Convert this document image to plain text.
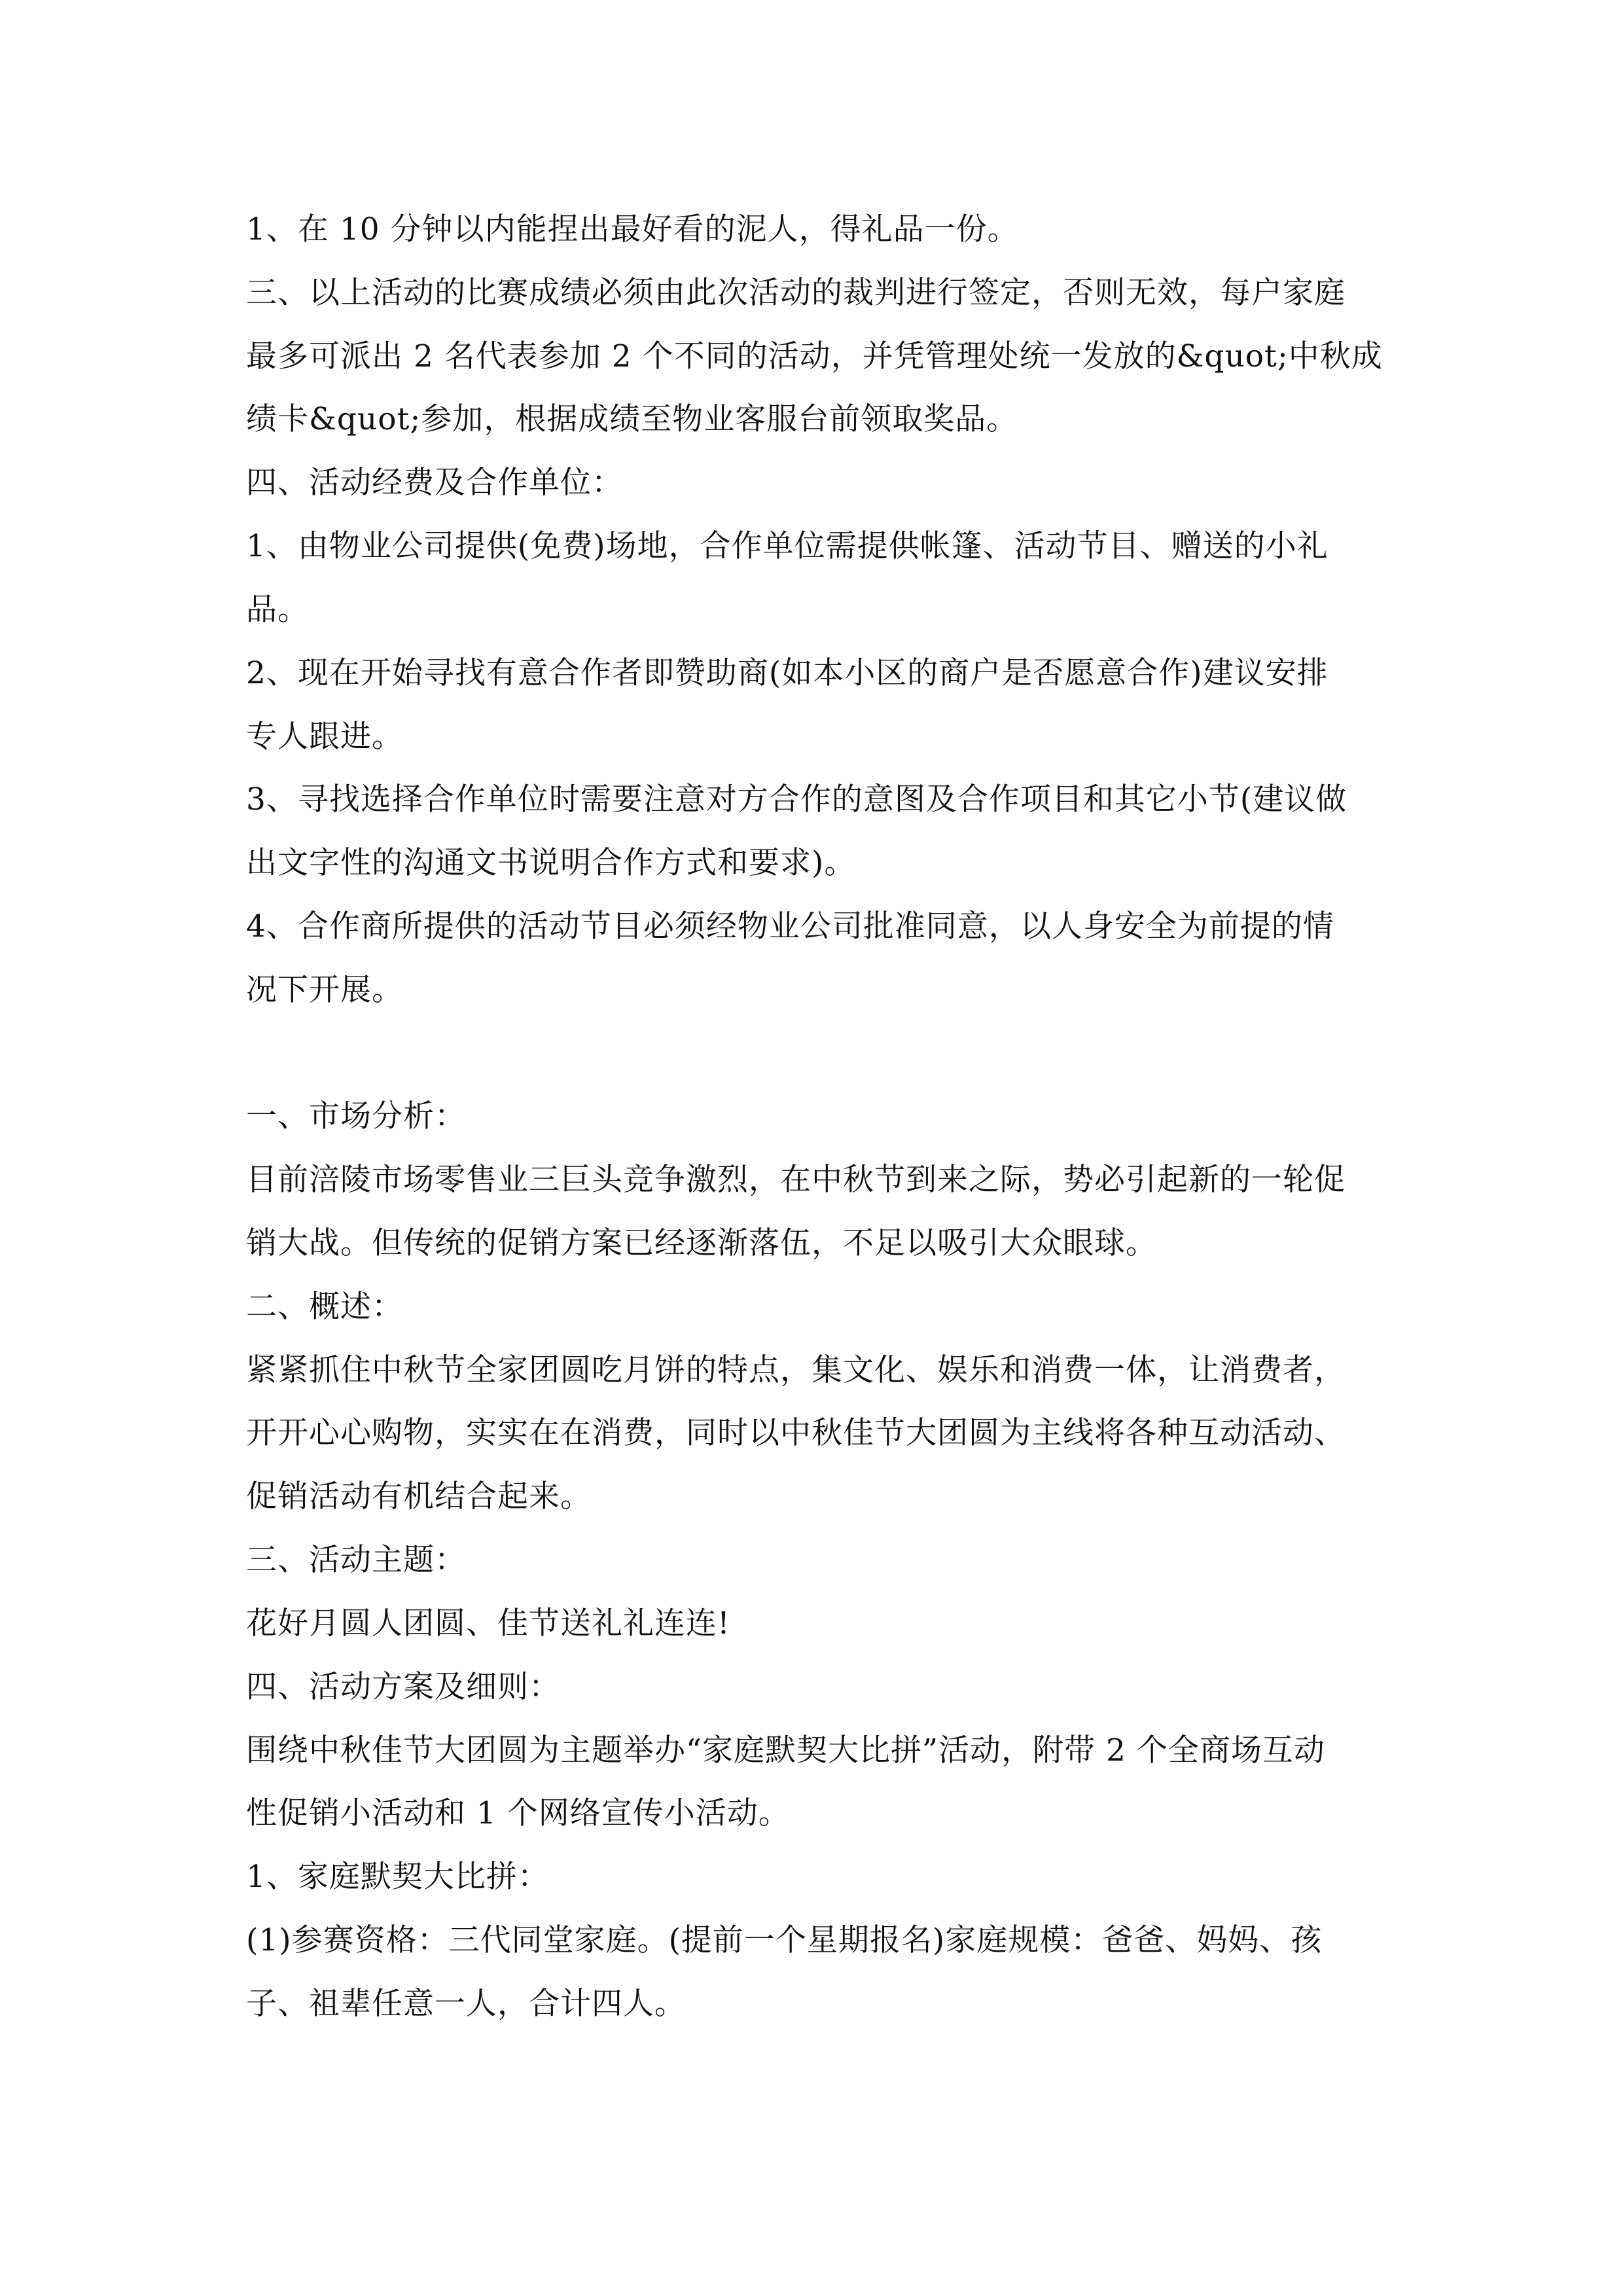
1、在 10 分钟以内能捏出最好看的泥人，得礼品一份。
三、以上活动的比赛成绩必须由此次活动的裁判进行签定，否则无效，每户家庭
最多可派出 2 名代表参加 2 个不同的活动，并凭管理处统一发放的&quot;中秋成
绩卡&quot;参加，根据成绩至物业客服台前领取奖品。
四、活动经费及合作单位：
1、由物业公司提供(免费)场地，合作单位需提供帐篷、活动节目、赠送的小礼
品。
2、现在开始寻找有意合作者即赞助商(如本小区的商户是否愿意合作)建议安排
专人跟进。
3、寻找选择合作单位时需要注意对方合作的意图及合作项目和其它小节(建议做
出文字性的沟通文书说明合作方式和要求)。
4、合作商所提供的活动节目必须经物业公司批准同意，以人身安全为前提的情
况下开展。
一、市场分析：
目前涪陵市场零售业三巨头竞争激烈，在中秋节到来之际，势必引起新的一轮促
销大战。但传统的促销方案已经逐渐落伍，不足以吸引大众眼球。
二、概述：
紧紧抓住中秋节全家团圆吃月饼的特点，集文化、娱乐和消费一体，让消费者，
开开心心购物，实实在在消费，同时以中秋佳节大团圆为主线将各种互动活动、
促销活动有机结合起来。
三、活动主题：
花好月圆人团圆、佳节送礼礼连连!
四、活动方案及细则：
围绕中秋佳节大团圆为主题举办“家庭默契大比拼”活动，附带 2 个全商场互动
性促销小活动和 1 个网络宣传小活动。
1、家庭默契大比拼：
(1)参赛资格：三代同堂家庭。(提前一个星期报名)家庭规模：爸爸、妈妈、孩
子、祖辈任意一人，合计四人。
